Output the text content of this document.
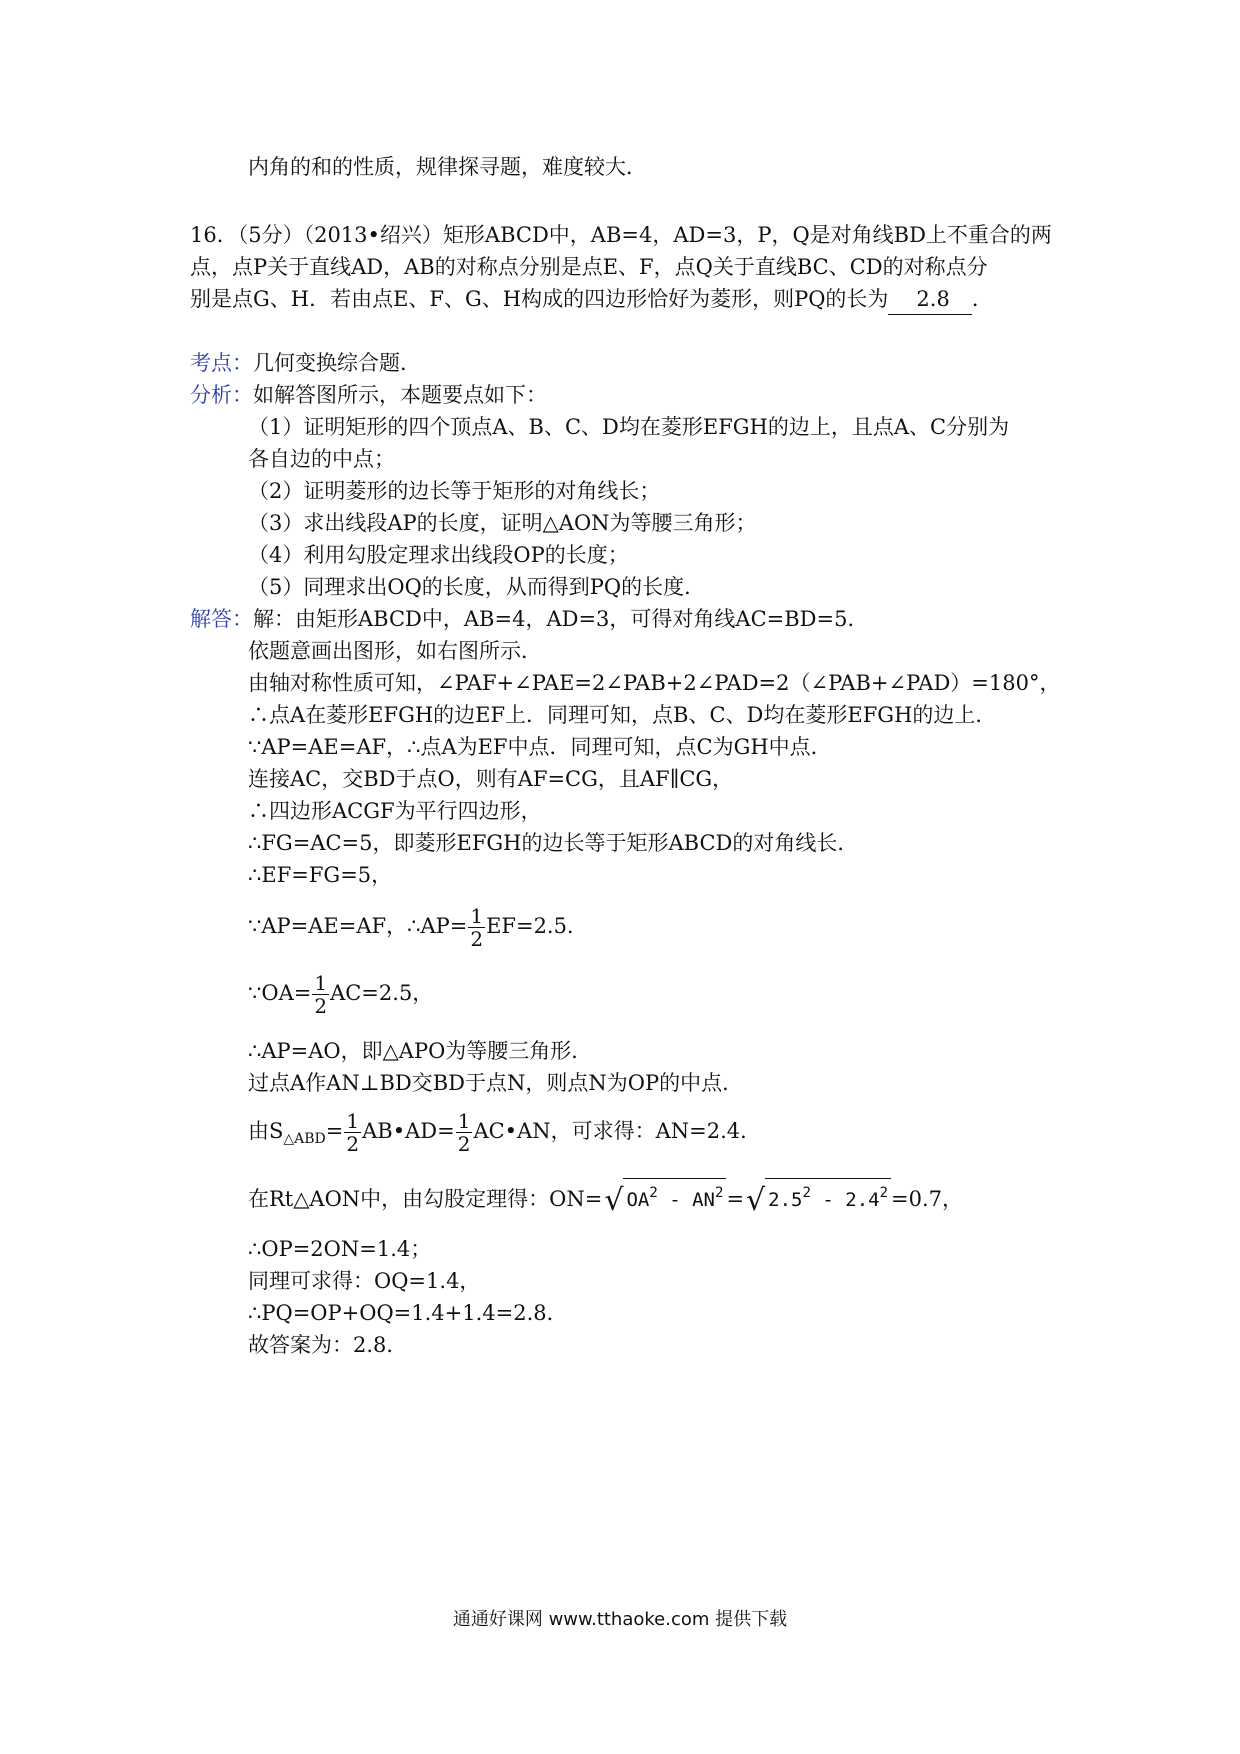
内角的和的性质，规律探寻题，难度较大．
16．（5分）（2013•绍兴）矩形ABCD中，AB=4，AD=3，P，Q是对角线BD上不重合的两
点，点P关于直线AD，AB的对称点分别是点E、F，点Q关于直线BC、CD的对称点分
别是点G、H．若由点E、F、G、H构成的四边形恰好为菱形，则PQ的长为 2.8 ．
考点：几何变换综合题．
分析：如解答图所示，本题要点如下：
（1）证明矩形的四个顶点A、B、C、D均在菱形EFGH的边上，且点A、C分别为
各自边的中点；
（2）证明菱形的边长等于矩形的对角线长；
（3）求出线段AP的长度，证明△AON为等腰三角形；
（4）利用勾股定理求出线段OP的长度；
（5）同理求出OQ的长度，从而得到PQ的长度．
解答：解：由矩形ABCD中，AB=4，AD=3，可得对角线AC=BD=5．
依题意画出图形，如右图所示．
由轴对称性质可知，∠PAF+∠PAE=2∠PAB+2∠PAD=2（∠PAB+∠PAD）=180°，
∴点A在菱形EFGH的边EF上．同理可知，点B、C、D均在菱形EFGH的边上．
∵AP=AE=AF，∴点A为EF中点．同理可知，点C为GH中点．
连接AC，交BD于点O，则有AF=CG，且AF∥CG，
∴四边形ACGF为平行四边形，
∴FG=AC=5，即菱形EFGH的边长等于矩形ABCD的对角线长．
∴EF=FG=5，
∵AP=AE=AF，∴AP= $\frac{1}{2} EF=2.5$．
∵OA= $\frac{1}{2} AC=2.5$，
∴AP=AO，即△APO为等腰三角形．
过点A作AN⊥BD交BD于点N，则点N为OP的中点．
由$S_{\triangle ABD}= \frac{1}{2}$ AB•AD= $\frac{1}{2}$ AC•AN，可求得：AN=2.4．
在Rt△AON中，由勾股定理得：ON=√ $OA^2 - AN^2$ =√ $2.5^2 - 2.4^2 =0.7$，
∴OP=2ON=1.4；
同理可求得：OQ=1.4，
∴PQ=OP+OQ=1.4+1.4=2.8．
故答案为：2.8．
通通好课网 www.tthaoke.com 提供下载
